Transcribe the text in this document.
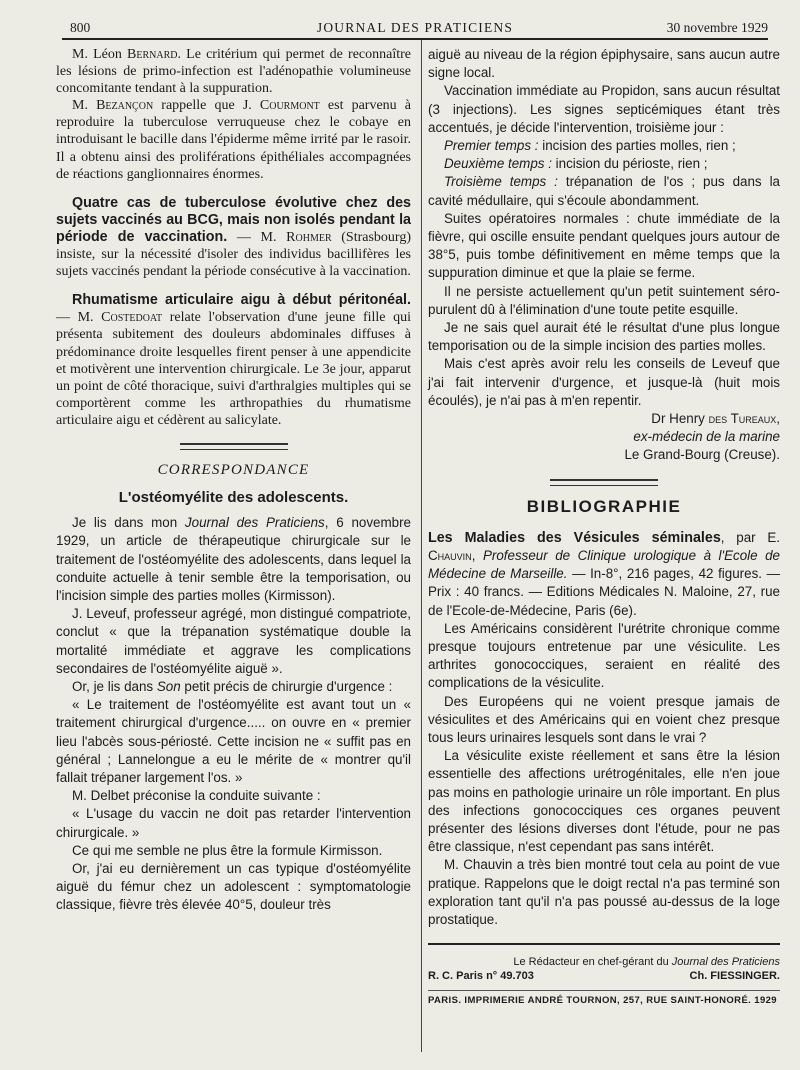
800	JOURNAL DES PRATICIENS	30 novembre 1929

M. Léon Bernard. Le critérium qui permet de reconnaître les lésions de primo-infection est l'adénopathie volumineuse concomitante tendant à la suppuration.

M. Bezançon rappelle que J. Courmont est parvenu à reproduire la tuberculose verruqueuse chez le cobaye en introduisant le bacille dans l'épiderme même irrité par le rasoir. Il a obtenu ainsi des proliférations épithéliales accompagnées de réactions ganglionnaires énormes.

Quatre cas de tuberculose évolutive chez des sujets vaccinés au BCG, mais non isolés pendant la période de vaccination. — M. Rohmer (Strasbourg) insiste, sur la nécessité d'isoler des individus bacillifères les sujets vaccinés pendant la période consécutive à la vaccination.

Rhumatisme articulaire aigu à début péritonéal. — M. Costedoat relate l'observation d'une jeune fille qui présenta subitement des douleurs abdominales diffuses à prédominance droite lesquelles firent penser à une appendicite et motivèrent une intervention chirurgicale. Le 3e jour, apparut un point de côté thoracique, suivi d'arthralgies multiples qui se comportèrent comme les arthropathies du rhumatisme articulaire aigu et cédèrent au salicylate.

CORRESPONDANCE
L'ostéomyélite des adolescents.

Je lis dans mon Journal des Praticiens, 6 novembre 1929, un article de thérapeutique chirurgicale sur le traitement de l'ostéomyélite des adolescents, dans lequel la conduite actuelle à tenir semble être la temporisation, ou l'incision simple des parties molles (Kirmisson).

J. Leveuf, professeur agrégé, mon distingué compatriote, conclut « que la trépanation systématique double la mortalité immédiate et aggrave les complications secondaires de l'ostéomyélite aiguë ».

Or, je lis dans Son petit précis de chirurgie d'urgence :

« Le traitement de l'ostéomyélite est avant tout un « traitement chirurgical d'urgence..... on ouvre en « premier lieu l'abcès sous-périosté. Cette incision ne « suffit pas en général ; Lannelongue a eu le mérite de « montrer qu'il fallait trépaner largement l'os. »

M. Delbet préconise la conduite suivante :

« L'usage du vaccin ne doit pas retarder l'intervention chirurgicale. »

Ce qui me semble ne plus être la formule Kirmisson.

Or, j'ai eu dernièrement un cas typique d'ostéomyélite aiguë du fémur chez un adolescent : symptomatologie classique, fièvre très élevée 40°5, douleur très

aiguë au niveau de la région épiphysaire, sans aucun autre signe local.

Vaccination immédiate au Propidon, sans aucun résultat (3 injections). Les signes septicémiques étant très accentués, je décide l'intervention, troisième jour :

Premier temps : incision des parties molles, rien ;

Deuxième temps : incision du périoste, rien ;

Troisième temps : trépanation de l'os ; pus dans la cavité médullaire, qui s'écoule abondamment.

Suites opératoires normales : chute immédiate de la fièvre, qui oscille ensuite pendant quelques jours autour de 38°5, puis tombe définitivement en même temps que la suppuration diminue et que la plaie se ferme.

Il ne persiste actuellement qu'un petit suintement séro-purulent dû à l'élimination d'une toute petite esquille.

Je ne sais quel aurait été le résultat d'une plus longue temporisation ou de la simple incision des parties molles.

Mais c'est après avoir relu les conseils de Leveuf que j'ai fait intervenir d'urgence, et jusque-là (huit mois écoulés), je n'ai pas à m'en repentir.

Dr Henry des Tureaux,

ex-médecin de la marine

Le Grand-Bourg (Creuse).

BIBLIOGRAPHIE

Les Maladies des Vésicules séminales, par E. Chauvin, Professeur de Clinique urologique à l'Ecole de Médecine de Marseille. — In-8°, 216 pages, 42 figures. — Prix : 40 francs. — Editions Médicales N. Maloine, 27, rue de l'Ecole-de-Médecine, Paris (6e).

Les Américains considèrent l'urétrite chronique comme presque toujours entretenue par une vésiculite. Les arthrites gonococciques, seraient en réalité des complications de la vésiculite.

Des Européens qui ne voient presque jamais de vésiculites et des Américains qui en voient chez presque tous leurs urinaires lesquels sont dans le vrai ?

La vésiculite existe réellement et sans être la lésion essentielle des affections urétrogénitales, elle n'en joue pas moins en pathologie urinaire un rôle important. En plus des infections gonococciques ces organes peuvent présenter des lésions diverses dont l'étude, pour ne pas être classique, n'est cependant pas sans intérêt.

M. Chauvin a très bien montré tout cela au point de vue pratique. Rappelons que le doigt rectal n'a pas terminé son exploration tant qu'il n'a pas poussé au-dessus de la loge prostatique.

Le Rédacteur en chef-gérant du Journal des Praticiens
R. C. Paris n° 49.703	Ch. FIESSINGER.
PARIS. IMPRIMERIE ANDRÉ TOURNON, 257, RUE SAINT-HONORÉ. 1929
